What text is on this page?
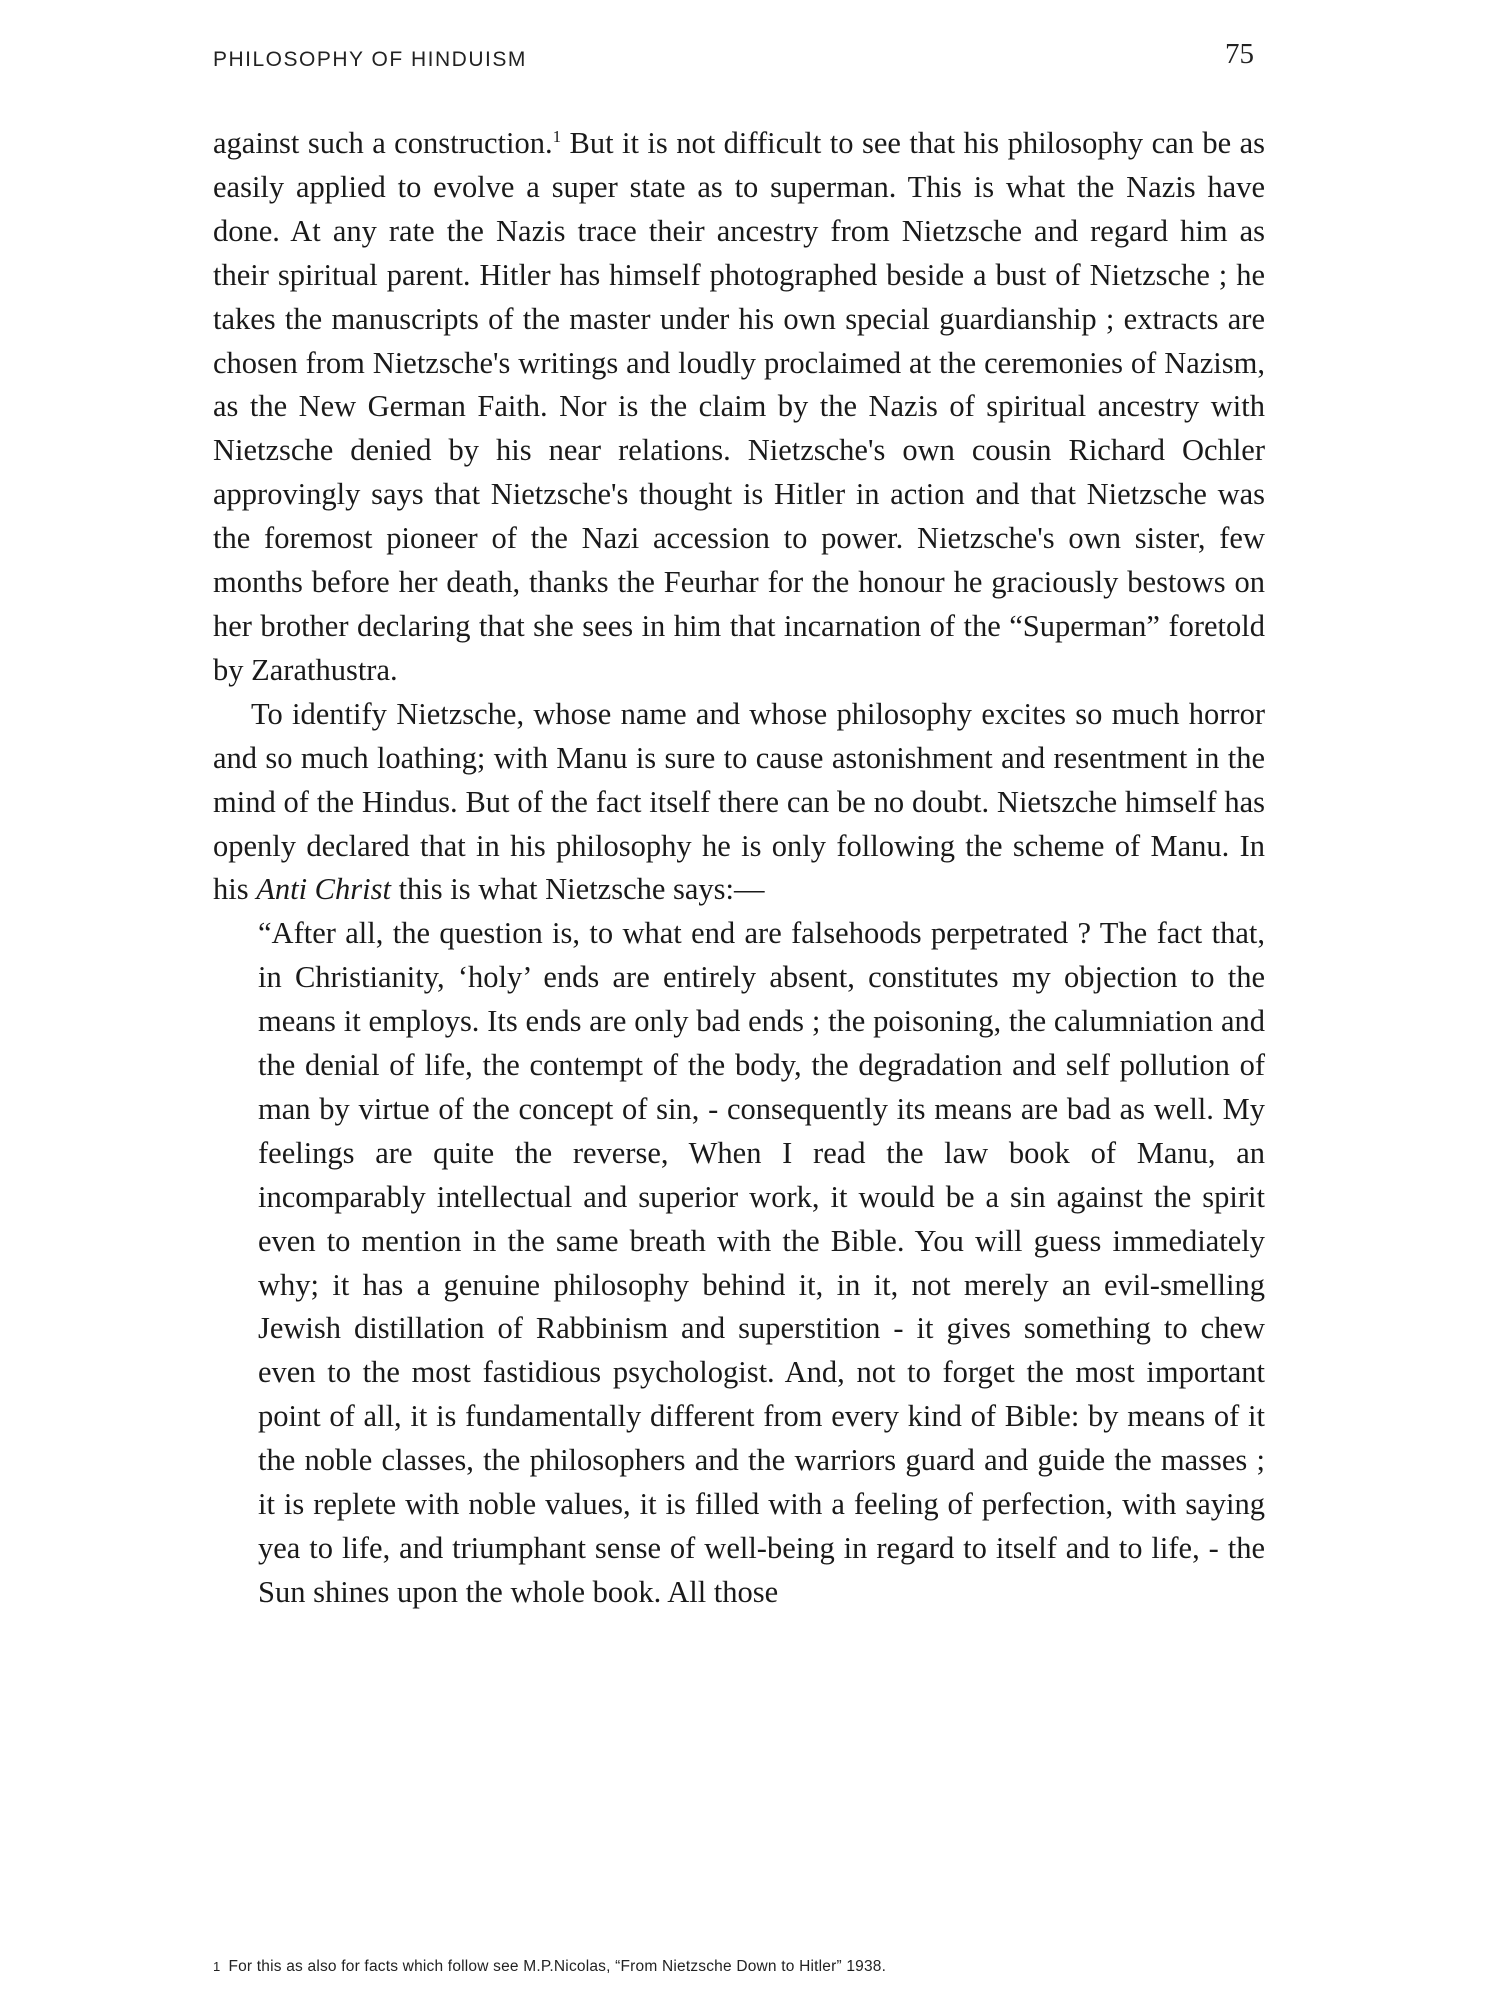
PHILOSOPHY OF HINDUISM	75

against such a construction.$^1$ But it is not difficult to see that his philosophy can be as easily applied to evolve a super state as to superman. This is what the Nazis have done. At any rate the Nazis trace their ancestry from Nietzsche and regard him as their spiritual parent. Hitler has himself photographed beside a bust of Nietzsche ; he takes the manuscripts of the master under his own special guardianship ; extracts are chosen from Nietzsche's writings and loudly proclaimed at the ceremonies of Nazism, as the New German Faith. Nor is the claim by the Nazis of spiritual ancestry with Nietzsche denied by his near relations. Nietzsche's own cousin Richard Ochler approvingly says that Nietzsche's thought is Hitler in action and that Nietzsche was the foremost pioneer of the Nazi accession to power. Nietzsche's own sister, few months before her death, thanks the Feurhar for the honour he graciously bestows on her brother declaring that she sees in him that incarnation of the “Superman” foretold by Zarathustra.

To identify Nietzsche, whose name and whose philosophy excites so much horror and so much loathing; with Manu is sure to cause astonishment and resentment in the mind of the Hindus. But of the fact itself there can be no doubt. Nietszche himself has openly declared that in his philosophy he is only following the scheme of Manu. In his Anti Christ this is what Nietzsche says:—

“After all, the question is, to what end are falsehoods perpetrated ? The fact that, in Christianity, ‘holy’ ends are entirely absent, constitutes my objection to the means it employs. Its ends are only bad ends ; the poisoning, the calumniation and the denial of life, the contempt of the body, the degradation and self pollution of man by virtue of the concept of sin, - consequently its means are bad as well. My feelings are quite the reverse, When I read the law book of Manu, an incomparably intellectual and superior work, it would be a sin against the spirit even to mention in the same breath with the Bible. You will guess immediately why; it has a genuine philosophy behind it, in it, not merely an evil-smelling Jewish distillation of Rabbinism and superstition - it gives something to chew even to the most fastidious psychologist. And, not to forget the most important point of all, it is fundamentally different from every kind of Bible: by means of it the noble classes, the philosophers and the warriors guard and guide the masses ; it is replete with noble values, it is filled with a feeling of perfection, with saying yea to life, and triumphant sense of well-being in regard to itself and to life, - the Sun shines upon the whole book. All those

1 For this as also for facts which follow see M.P.Nicolas, “From Nietzsche Down to Hitler” 1938.
